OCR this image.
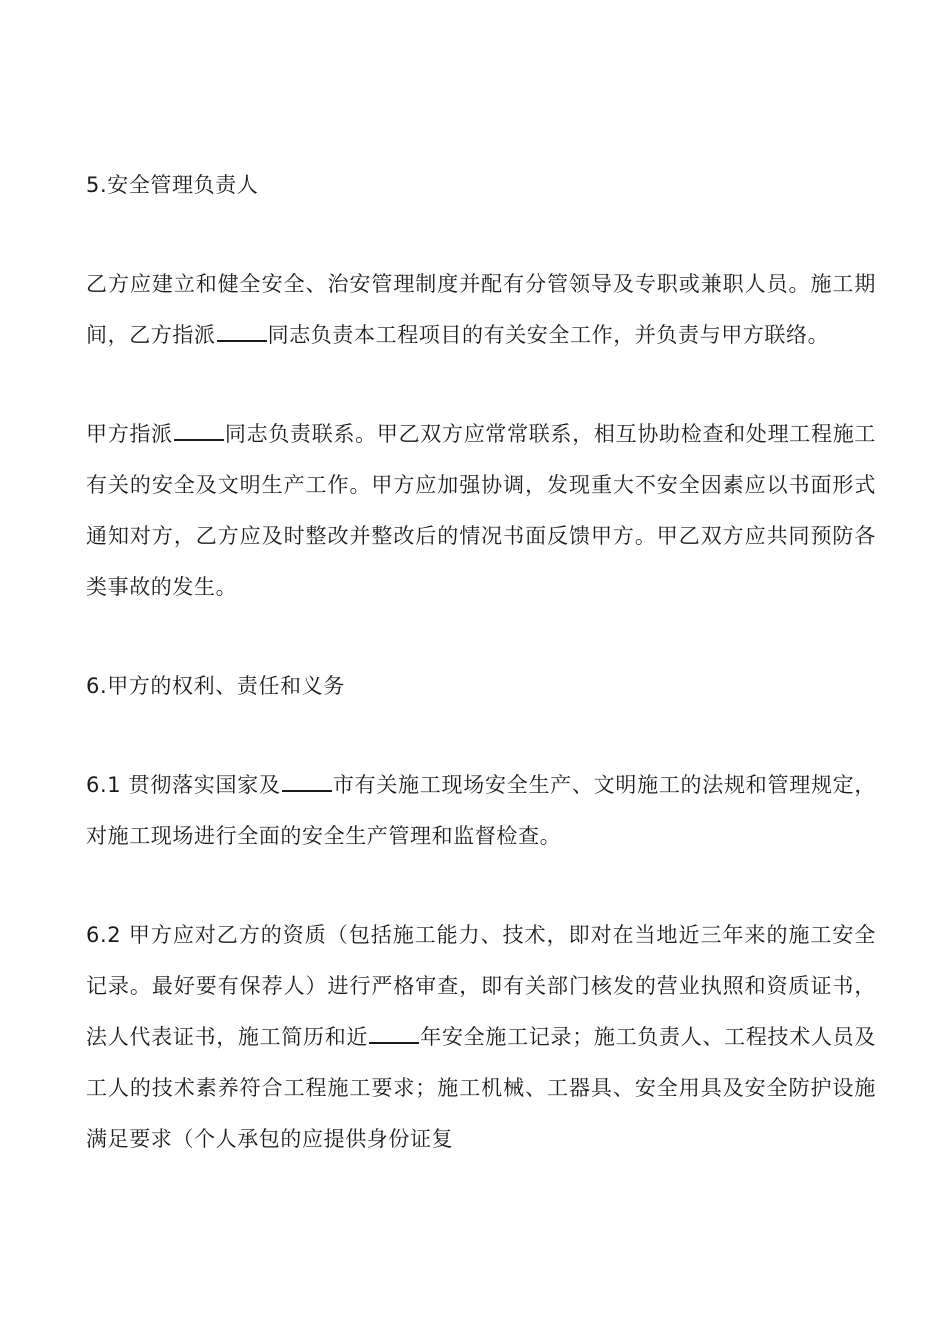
5.安全管理负责人

乙方应建立和健全安全、治安管理制度并配有分管领导及专职或兼职人员。施工期间，乙方指派 同志负责本工程项目的有关安全工作，并负责与甲方联络。

甲方指派 同志负责联系。甲乙双方应常常联系，相互协助检查和处理工程施工有关的安全及文明生产工作。甲方应加强协调，发现重大不安全因素应以书面形式通知对方，乙方应及时整改并整改后的情况书面反馈甲方。甲乙双方应共同预防各类事故的发生。

6.甲方的权利、责任和义务

6.1 贯彻落实国家及 市有关施工现场安全生产、文明施工的法规和管理规定，对施工现场进行全面的安全生产管理和监督检查。

6.2 甲方应对乙方的资质（包括施工能力、技术，即对在当地近三年来的施工安全记录。最好要有保荐人）进行严格审查，即有关部门核发的营业执照和资质证书，法人代表证书，施工简历和近 年安全施工记录；施工负责人、工程技术人员及工人的技术素养符合工程施工要求；施工机械、工器具、安全用具及安全防护设施满足要求（个人承包的应提供身份证复
